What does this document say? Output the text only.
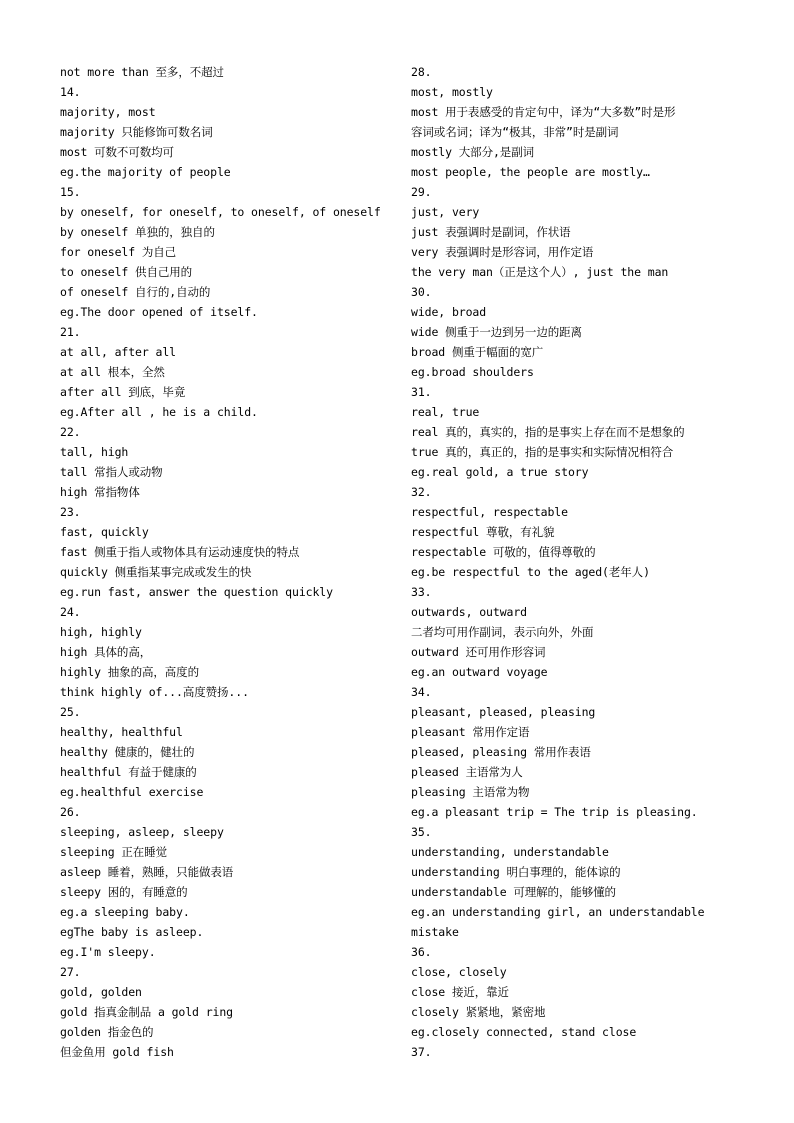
not more than 至多，不超过
14.
majority, most
majority 只能修饰可数名词
most 可数不可数均可
eg.the majority of people
15.
by oneself, for oneself, to oneself, of oneself
by oneself 单独的，独自的
for oneself 为自己
to oneself 供自己用的
of oneself 自行的,自动的
eg.The door opened of itself.
21.
at all, after all
at all 根本，全然
after all 到底，毕竟
eg.After all , he is a child.
22.
tall, high
tall 常指人或动物
high 常指物体
23.
fast, quickly
fast 侧重于指人或物体具有运动速度快的特点
quickly 侧重指某事完成或发生的快
eg.run fast, answer the question quickly
24.
high, highly
high 具体的高，
highly 抽象的高，高度的
think highly of...高度赞扬...
25.
healthy, healthful
healthy 健康的，健壮的
healthful 有益于健康的
eg.healthful exercise
26.
sleeping, asleep, sleepy
sleeping 正在睡觉
asleep 睡着，熟睡，只能做表语
sleepy 困的，有睡意的
eg.a sleeping baby.
egThe baby is asleep.
eg.I'm sleepy.
27.
gold, golden
gold 指真金制品 a gold ring
golden 指金色的
但金鱼用 gold fish
28.
most, mostly
most 用于表感受的肯定句中，译为“大多数”时是形
容词或名词；译为“极其，非常”时是副词
mostly 大部分,是副词
most people, the people are mostly…
29.
just, very
just 表强调时是副词，作状语
very 表强调时是形容词，用作定语
the very man（正是这个人）, just the man
30.
wide, broad
wide 侧重于一边到另一边的距离
broad 侧重于幅面的宽广
eg.broad shoulders
31.
real, true
real 真的，真实的，指的是事实上存在而不是想象的
true 真的，真正的，指的是事实和实际情况相符合
eg.real gold, a true story
32.
respectful, respectable
respectful 尊敬，有礼貌
respectable 可敬的，值得尊敬的
eg.be respectful to the aged(老年人)
33.
outwards, outward
二者均可用作副词，表示向外，外面
outward 还可用作形容词
eg.an outward voyage
34.
pleasant, pleased, pleasing
pleasant 常用作定语
pleased, pleasing 常用作表语
pleased 主语常为人
pleasing 主语常为物
eg.a pleasant trip = The trip is pleasing.
35.
understanding, understandable
understanding 明白事理的，能体谅的
understandable 可理解的，能够懂的
eg.an understanding girl, an understandable
mistake
36.
close, closely
close 接近，靠近
closely 紧紧地，紧密地
eg.closely connected, stand close
37.
